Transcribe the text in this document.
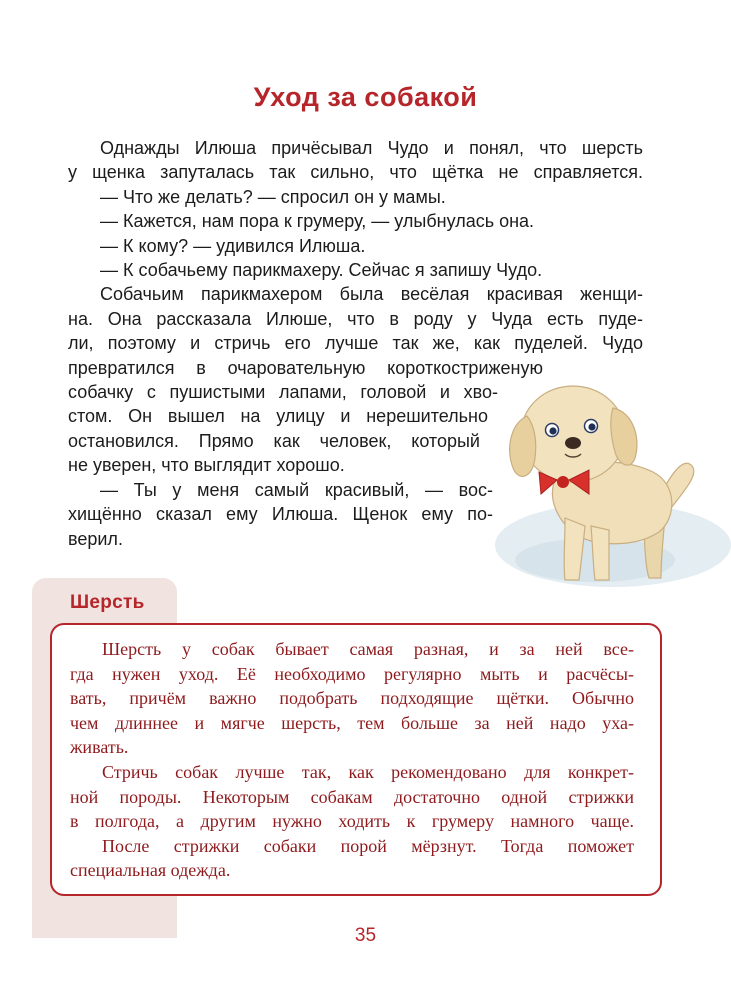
Уход за собакой

Однажды Илюша причёсывал Чудо и понял, что шерсть

у щенка запуталась так сильно, что щётка не справляется.

— Что же делать? — спросил он у мамы.

— Кажется, нам пора к грумеру, — улыбнулась она.

— К кому? — удивился Илюша.

— К собачьему парикмахеру. Сейчас я запишу Чудо.

Собачьим парикмахером была весёлая красивая женщи-

на. Она рассказала Илюше, что в роду у Чуда есть пуде-

ли, поэтому и стричь его лучше так же, как пуделей. Чудо

превратился в очаровательную короткостриженую

собачку с пушистыми лапами, головой и хво-

стом. Он вышел на улицу и нерешительно

остановился. Прямо как человек, который

не уверен, что выглядит хорошо.

— Ты у меня самый красивый, — вос-

хищённо сказал ему Илюша. Щенок ему по-

верил.

Шерсть

Шерсть у собак бывает самая разная, и за ней все-

гда нужен уход. Её необходимо регулярно мыть и расчёсы-

вать, причём важно подобрать подходящие щётки. Обычно

чем длиннее и мягче шерсть, тем больше за ней надо уха-

живать.

Стричь собак лучше так, как рекомендовано для конкрет-

ной породы. Некоторым собакам достаточно одной стрижки

в полгода, а другим нужно ходить к грумеру намного чаще.

После стрижки собаки порой мёрзнут. Тогда поможет

специальная одежда.

35
